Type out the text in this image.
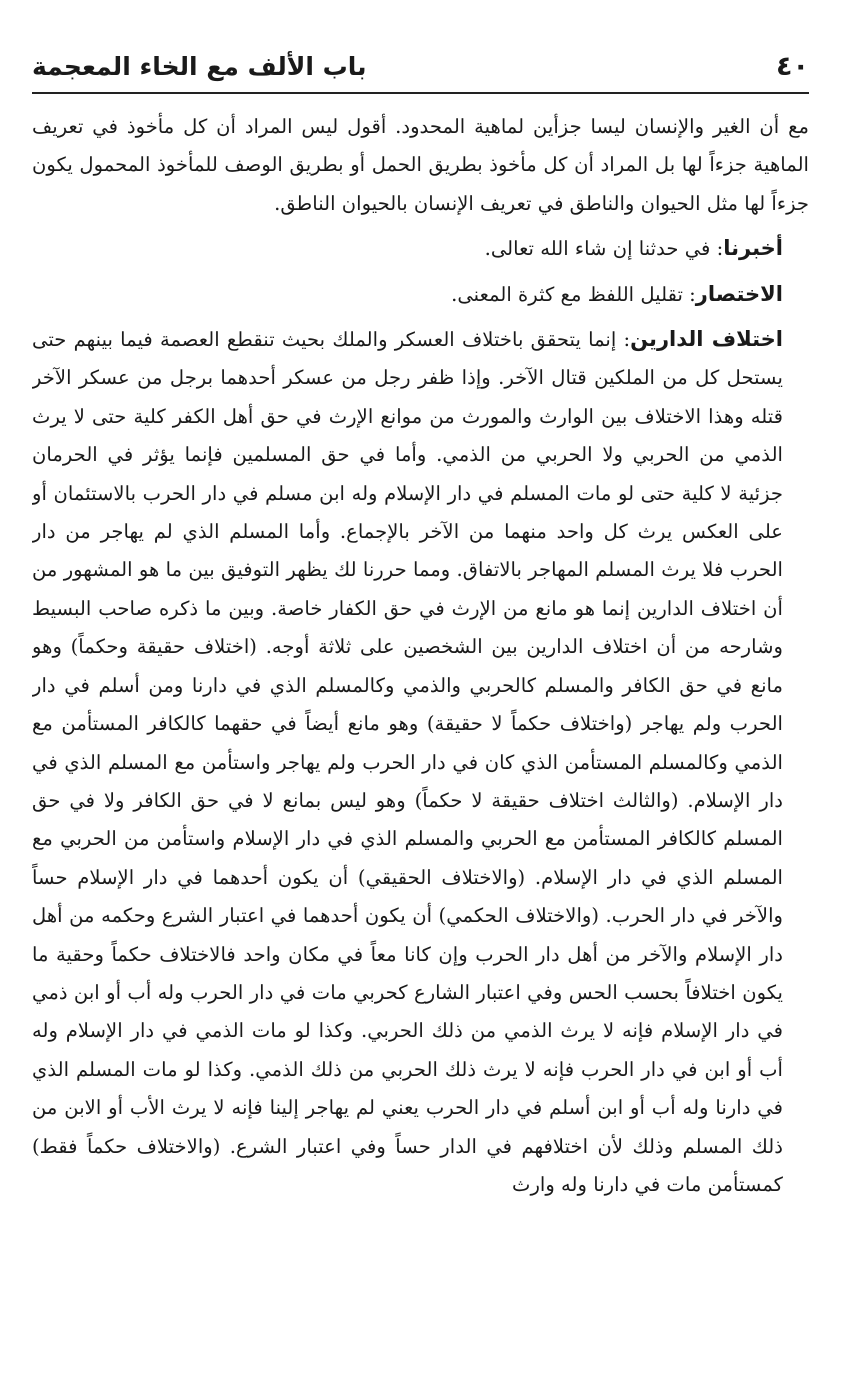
٤٠
باب الألف مع الخاء المعجمة

مع أن الغير والإنسان ليسا جزأين لماهية المحدود. أقول ليس المراد أن كل مأخوذ في تعريف الماهية جزءاً لها بل المراد أن كل مأخوذ بطريق الحمل أو بطريق الوصف للمأخوذ المحمول يكون جزءاً لها مثل الحيوان والناطق في تعريف الإنسان بالحيوان الناطق.

أخبرنا: في حدثنا إن شاء الله تعالى.

الاختصار: تقليل اللفظ مع كثرة المعنى.

اختلاف الدارين: إنما يتحقق باختلاف العسكر والملك بحيث تنقطع العصمة فيما بينهم حتى يستحل كل من الملكين قتال الآخر. وإذا ظفر رجل من عسكر أحدهما برجل من عسكر الآخر قتله وهذا الاختلاف بين الوارث والمورث من موانع الإرث في حق أهل الكفر كلية حتى لا يرث الذمي من الحربي ولا الحربي من الذمي. وأما في حق المسلمين فإنما يؤثر في الحرمان جزئية لا كلية حتى لو مات المسلم في دار الإسلام وله ابن مسلم في دار الحرب بالاستئمان أو على العكس يرث كل واحد منهما من الآخر بالإجماع. وأما المسلم الذي لم يهاجر من دار الحرب فلا يرث المسلم المهاجر بالاتفاق. ومما حررنا لك يظهر التوفيق بين ما هو المشهور من أن اختلاف الدارين إنما هو مانع من الإرث في حق الكفار خاصة. وبين ما ذكره صاحب البسيط وشارحه من أن اختلاف الدارين بين الشخصين على ثلاثة أوجه. (اختلاف حقيقة وحكماً) وهو مانع في حق الكافر والمسلم كالحربي والذمي وكالمسلم الذي في دارنا ومن أسلم في دار الحرب ولم يهاجر (واختلاف حكماً لا حقيقة) وهو مانع أيضاً في حقهما كالكافر المستأمن مع الذمي وكالمسلم المستأمن الذي كان في دار الحرب ولم يهاجر واستأمن مع المسلم الذي في دار الإسلام. (والثالث اختلاف حقيقة لا حكماً) وهو ليس بمانع لا في حق الكافر ولا في حق المسلم كالكافر المستأمن مع الحربي والمسلم الذي في دار الإسلام واستأمن من الحربي مع المسلم الذي في دار الإسلام. (والاختلاف الحقيقي) أن يكون أحدهما في دار الإسلام حساً والآخر في دار الحرب. (والاختلاف الحكمي) أن يكون أحدهما في اعتبار الشرع وحكمه من أهل دار الإسلام والآخر من أهل دار الحرب وإن كانا معاً في مكان واحد فالاختلاف حكماً وحقية ما يكون اختلافاً بحسب الحس وفي اعتبار الشارع كحربي مات في دار الحرب وله أب أو ابن ذمي في دار الإسلام فإنه لا يرث الذمي من ذلك الحربي. وكذا لو مات الذمي في دار الإسلام وله أب أو ابن في دار الحرب فإنه لا يرث ذلك الحربي من ذلك الذمي. وكذا لو مات المسلم الذي في دارنا وله أب أو ابن أسلم في دار الحرب يعني لم يهاجر إلينا فإنه لا يرث الأب أو الابن من ذلك المسلم وذلك لأن اختلافهم في الدار حساً وفي اعتبار الشرع. (والاختلاف حكماً فقط) كمستأمن مات في دارنا وله وارث
